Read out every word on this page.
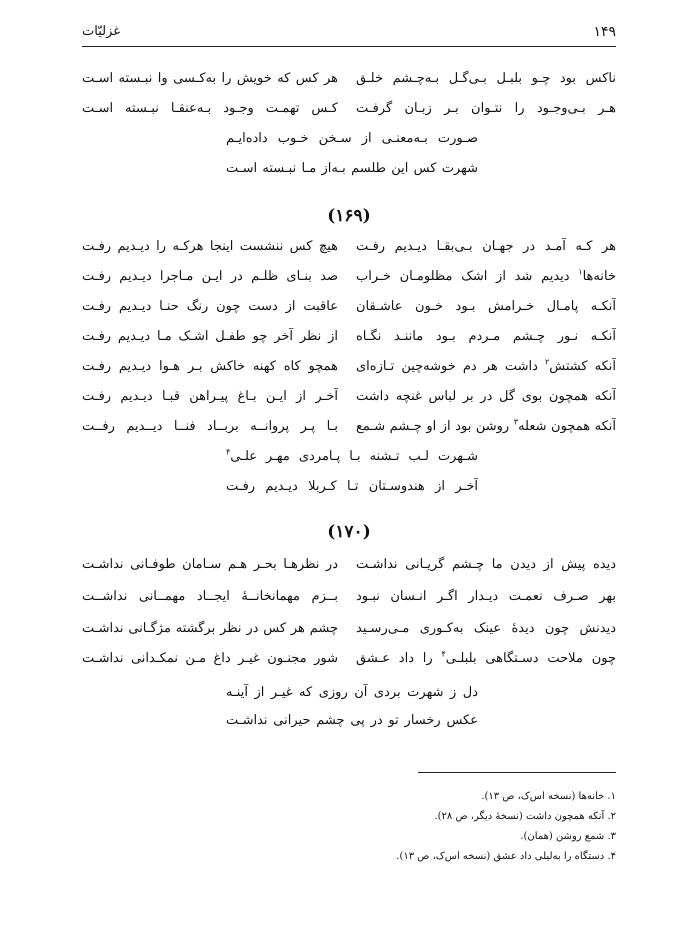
۱۴۹
غزلیّات
ناکس بود چـو بلبـل بـی‌گـل بـه‌چـشم خلـق
هر کس که خویش را به‌کـسی وا نبـسته اسـت
هـر بـی‌وجـود را نتـوان بـر زبـان گرفـت
کـس تهمـت وجـود بـه‌عنقـا نبـسته اسـت
صـورت بـه‌معنـی از سـخن خـوب داده‌ایـم
شهرت کس این طلسم بـه‌از مـا نبـسته اسـت
(۱۶۹)
هر کـه آمـد در جهـان بـی‌بقـا دیـدیم رفـت
هیچ کس ننشست اینجا هرکـه را دیـدیم رفـت
خانه‌ها$^۱$ دیدیم شد از اشک مظلومـان خـراب
صد بنـای ظلـم در ایـن مـاجرا دیـدیم رفـت
آنکـه پامـال خـرامش بـود خـون عاشـقان
عاقبت از دست چون رنگ حنـا دیـدیم رفـت
آنکـه نـور چـشم مـردم بـود ماننـد نگـاه
از نظر آخر چو طفـل اشـک مـا دیـدیم رفـت
آنکه کشتش$^۲$ داشت هر دم خوشه‌چین تـازه‌ای
همچو کاه کهنه خاکش بـر هـوا دیـدیم رفـت
آنکه همچون بوی گل در بر لباس غنچه داشت
آخـر از ایـن بـاغ پیـراهن قبـا دیـدیم رفـت
آنکه همچون شعله$^۳$ روشن بود از او چـشم شـمع
بـا پـر پروانــه بربــاد فنــا دیــدیم رفــت
شـهرت لـب تـشنه بـا پـامردی مهـر علـی$^۴$
آخـر از هندوسـتان تـا کـربلا دیـدیم رفـت
(۱۷۰)
دیده پیش از دیدن ما چـشم گریـانی نداشـت
در نظرهـا بحـر هـم سـامان طوفـانی نداشـت
بهر صـرف نعمـت دیـدار اگـر انـسان نبـود
بــزم مهمانخانــهٔ ایجــاد مهمــانی نداشــت
دیدنش چون دیدهٔ عینک به‌کـوری مـی‌رسـید
چشم هر کس در نظر برگشته مژگـانی نداشـت
چون ملاحت دسـتگاهی بلبلـی$^۴$ را داد عـشق
شور مجنـون غیـر داغ مـن نمکـدانی نداشـت
دل ز شهرت بردی آن روزی که غیـر از آینـه
عکس رخسار تو در پی چشم حیرانی نداشـت
۱. خانه‌ها (نسخه اس‌ک، ص ۱۳).
۲. آنکه همچون داشت (نسخهٔ دیگر، ص ۲۸).
۳. شمع روشن (همان).
۴. دستگاه را به‌لیلی داد عشق (نسخه اس‌ک، ص ۱۳).
